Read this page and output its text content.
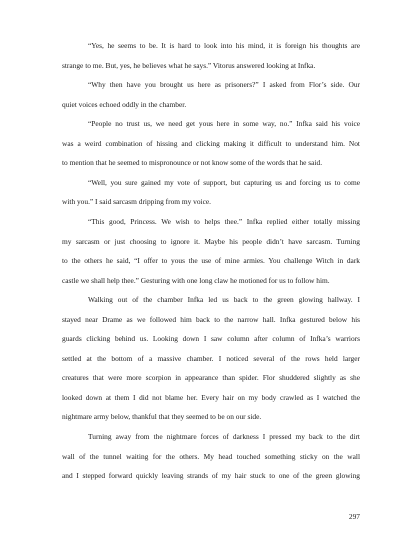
“Yes, he seems to be. It is hard to look into his mind, it is foreign his thoughts are
strange to me. But, yes, he believes what he says.” Vitorus answered looking at Infka.
“Why then have you brought us here as prisoners?” I asked from Flor’s side. Our
quiet voices echoed oddly in the chamber.
“People no trust us, we need get yous here in some way, no.” Infka said his voice
was a weird combination of hissing and clicking making it difficult to understand him. Not
to mention that he seemed to mispronounce or not know some of the words that he said.
“Well, you sure gained my vote of support, but capturing us and forcing us to come
with you.” I said sarcasm dripping from my voice.
“This good, Princess. We wish to helps thee.” Infka replied either totally missing
my sarcasm or just choosing to ignore it. Maybe his people didn’t have sarcasm. Turning
to the others he said, “I offer to yous the use of mine armies. You challenge Witch in dark
castle we shall help thee.” Gesturing with one long claw he motioned for us to follow him.
Walking out of the chamber Infka led us back to the green glowing hallway. I
stayed near Drame as we followed him back to the narrow hall. Infka gestured below his
guards clicking behind us. Looking down I saw column after column of Infka’s warriors
settled at the bottom of a massive chamber. I noticed several of the rows held larger
creatures that were more scorpion in appearance than spider. Flor shuddered slightly as she
looked down at them I did not blame her. Every hair on my body crawled as I watched the
nightmare army below, thankful that they seemed to be on our side.
Turning away from the nightmare forces of darkness I pressed my back to the dirt
wall of the tunnel waiting for the others. My head touched something sticky on the wall
and I stepped forward quickly leaving strands of my hair stuck to one of the green glowing
297
